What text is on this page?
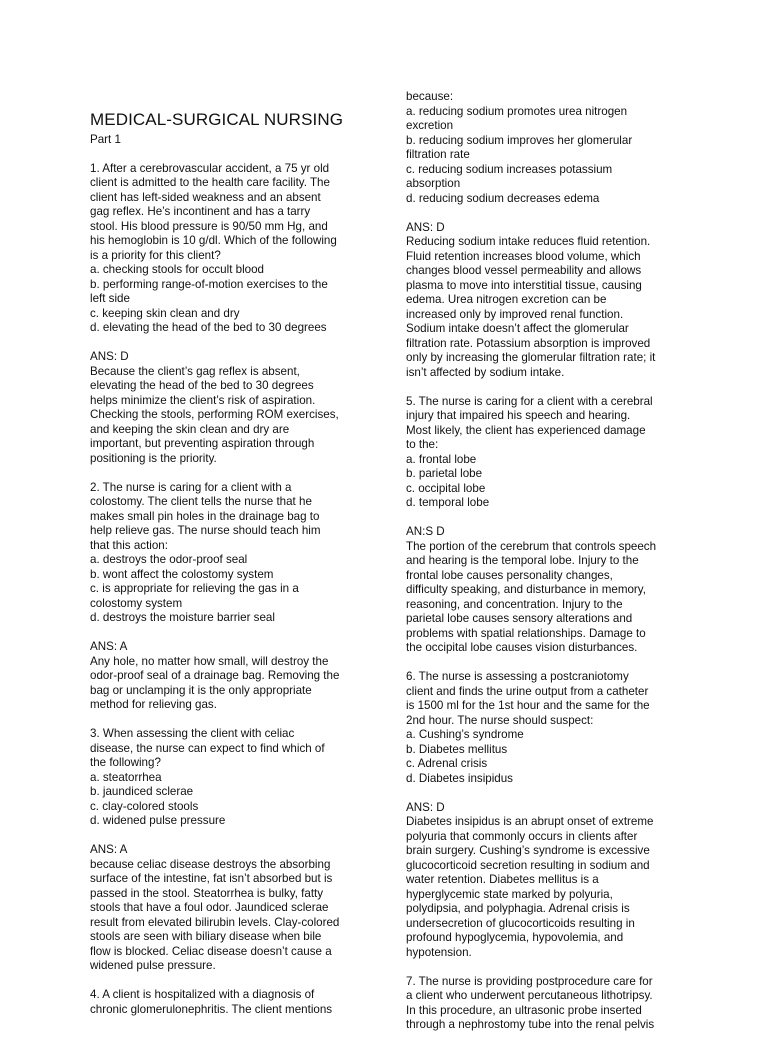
MEDICAL-SURGICAL NURSING
Part 1
1. After a cerebrovascular accident, a 75 yr old
client is admitted to the health care facility. The
client has left-sided weakness and an absent
gag reflex. He’s incontinent and has a tarry
stool. His blood pressure is 90/50 mm Hg, and
his hemoglobin is 10 g/dl. Which of the following
is a priority for this client?
a. checking stools for occult blood
b. performing range-of-motion exercises to the
left side
c. keeping skin clean and dry
d. elevating the head of the bed to 30 degrees
ANS: D
Because the client’s gag reflex is absent,
elevating the head of the bed to 30 degrees
helps minimize the client’s risk of aspiration.
Checking the stools, performing ROM exercises,
and keeping the skin clean and dry are
important, but preventing aspiration through
positioning is the priority.
2. The nurse is caring for a client with a
colostomy. The client tells the nurse that he
makes small pin holes in the drainage bag to
help relieve gas. The nurse should teach him
that this action:
a. destroys the odor-proof seal
b. wont affect the colostomy system
c. is appropriate for relieving the gas in a
colostomy system
d. destroys the moisture barrier seal
ANS: A
Any hole, no matter how small, will destroy the
odor-proof seal of a drainage bag. Removing the
bag or unclamping it is the only appropriate
method for relieving gas.
3. When assessing the client with celiac
disease, the nurse can expect to find which of
the following?
a. steatorrhea
b. jaundiced sclerae
c. clay-colored stools
d. widened pulse pressure
ANS: A
because celiac disease destroys the absorbing
surface of the intestine, fat isn’t absorbed but is
passed in the stool. Steatorrhea is bulky, fatty
stools that have a foul odor. Jaundiced sclerae
result from elevated bilirubin levels. Clay-colored
stools are seen with biliary disease when bile
flow is blocked. Celiac disease doesn’t cause a
widened pulse pressure.
4. A client is hospitalized with a diagnosis of
chronic glomerulonephritis. The client mentions
because:
a. reducing sodium promotes urea nitrogen
excretion
b. reducing sodium improves her glomerular
filtration rate
c. reducing sodium increases potassium
absorption
d. reducing sodium decreases edema
ANS: D
Reducing sodium intake reduces fluid retention.
Fluid retention increases blood volume, which
changes blood vessel permeability and allows
plasma to move into interstitial tissue, causing
edema. Urea nitrogen excretion can be
increased only by improved renal function.
Sodium intake doesn’t affect the glomerular
filtration rate. Potassium absorption is improved
only by increasing the glomerular filtration rate; it
isn’t affected by sodium intake.
5. The nurse is caring for a client with a cerebral
injury that impaired his speech and hearing.
Most likely, the client has experienced damage
to the:
a. frontal lobe
b. parietal lobe
c. occipital lobe
d. temporal lobe
AN:S D
The portion of the cerebrum that controls speech
and hearing is the temporal lobe. Injury to the
frontal lobe causes personality changes,
difficulty speaking, and disturbance in memory,
reasoning, and concentration. Injury to the
parietal lobe causes sensory alterations and
problems with spatial relationships. Damage to
the occipital lobe causes vision disturbances.
6. The nurse is assessing a postcraniotomy
client and finds the urine output from a catheter
is 1500 ml for the 1st hour and the same for the
2nd hour. The nurse should suspect:
a. Cushing’s syndrome
b. Diabetes mellitus
c. Adrenal crisis
d. Diabetes insipidus
ANS: D
Diabetes insipidus is an abrupt onset of extreme
polyuria that commonly occurs in clients after
brain surgery. Cushing’s syndrome is excessive
glucocorticoid secretion resulting in sodium and
water retention. Diabetes mellitus is a
hyperglycemic state marked by polyuria,
polydipsia, and polyphagia. Adrenal crisis is
undersecretion of glucocorticoids resulting in
profound hypoglycemia, hypovolemia, and
hypotension.
7. The nurse is providing postprocedure care for
a client who underwent percutaneous lithotripsy.
In this procedure, an ultrasonic probe inserted
through a nephrostomy tube into the renal pelvis
